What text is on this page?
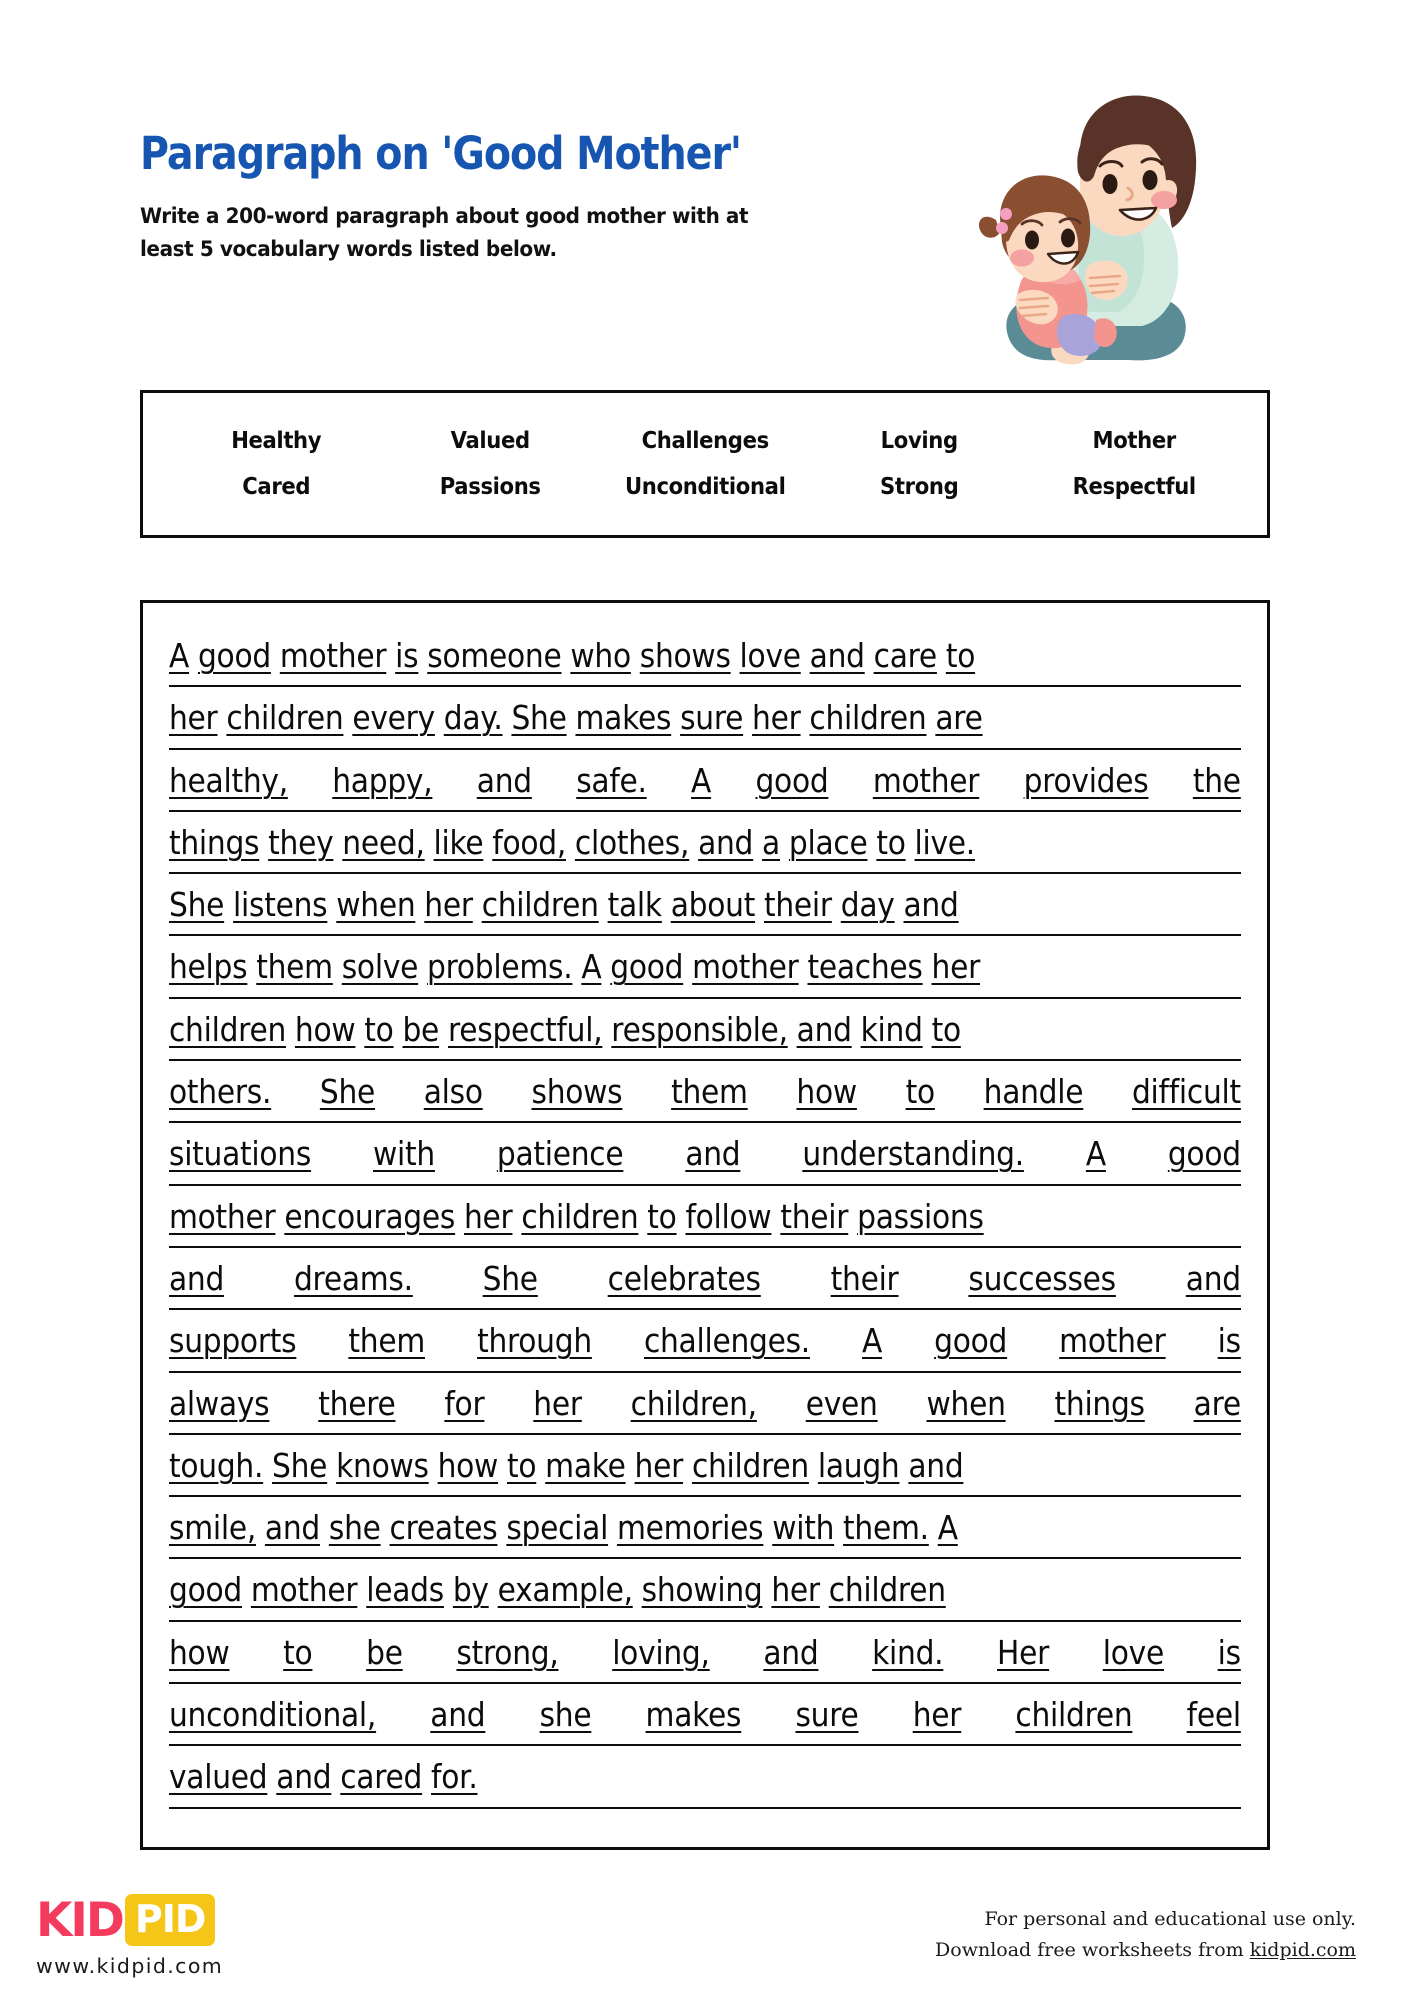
Paragraph on 'Good Mother'
Write a 200-word paragraph about good mother with at least 5 vocabulary words listed below.
Healthy	Valued	Challenges	Loving	Mother
Cared	Passions	Unconditional	Strong	Respectful
A good mother is someone who shows love and care to
her children every day. She makes sure her children are
healthy, happy, and safe. A good mother provides the
things they need, like food, clothes, and a place to live.
She listens when her children talk about their day and
helps them solve problems. A good mother teaches her
children how to be respectful, responsible, and kind to
others. She also shows them how to handle difficult
situations with patience and understanding. A good
mother encourages her children to follow their passions
and dreams. She celebrates their successes and
supports them through challenges. A good mother is
always there for her children, even when things are
tough. She knows how to make her children laugh and
smile, and she creates special memories with them. A
good mother leads by example, showing her children
how to be strong, loving, and kind. Her love is
unconditional, and she makes sure her children feel
valued and cared for.
KID PID
www.kidpid.com
For personal and educational use only.
Download free worksheets from kidpid.com
